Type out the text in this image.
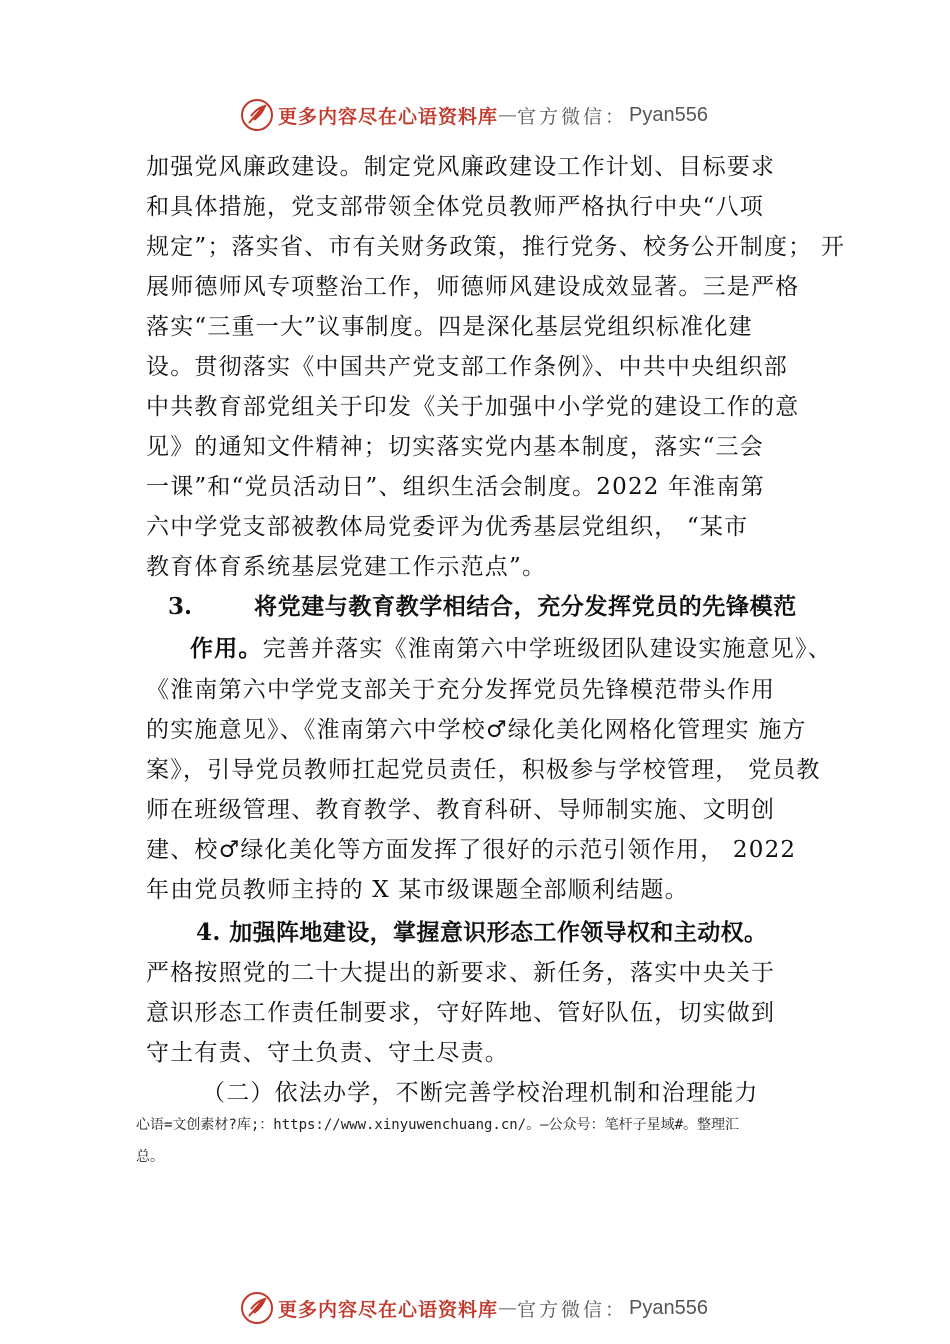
更多内容尽在心语资料库 — 官方微信： Pyan556
加强党风廉政建设。制定党风廉政建设工作计划、目标要求
和具体措施，党支部带领全体党员教师严格执行中央“八项
规定”；落实省、市有关财务政策，推行党务、校务公开制度； 开
展师德师风专项整治工作，师德师风建设成效显著。三是严格
落实“三重一大”议事制度。四是深化基层党组织标准化建
设。贯彻落实《中国共产党支部工作条例》、中共中央组织部
中共教育部党组关于印发《关于加强中小学党的建设工作的意
见》的通知文件精神；切实落实党内基本制度，落实“三会
一课”和“党员活动日”、组织生活会制度。2022 年淮南第
六中学党支部被教体局党委评为优秀基层党组织， “某市
教育体育系统基层党建工作示范点”。
3.	将党建与教育教学相结合，充分发挥党员的先锋模范
作用。完善并落实《淮南第六中学班级团队建设实施意见》、
《淮南第六中学党支部关于充分发挥党员先锋模范带头作用
的实施意见》、《淮南第六中学校♂绿化美化网格化管理实 施方
案》，引导党员教师扛起党员责任，积极参与学校管理， 党员教
师在班级管理、教育教学、教育科研、导师制实施、文明创
建、校♂绿化美化等方面发挥了很好的示范引领作用， 2022
年由党员教师主持的 X 某市级课题全部顺利结题。
4. 加强阵地建设，掌握意识形态工作领导权和主动权。
严格按照党的二十大提出的新要求、新任务，落实中央关于
意识形态工作责任制要求，守好阵地、管好队伍，切实做到
守土有责、守土负责、守土尽责。
（二）依法办学，不断完善学校治理机制和治理能力
心语=文创素材?库;：https://www.xinyuwenchuang.cn/。—公众号：笔杆子星域#。整理汇
总。
更多内容尽在心语资料库 — 官方微信： Pyan556
